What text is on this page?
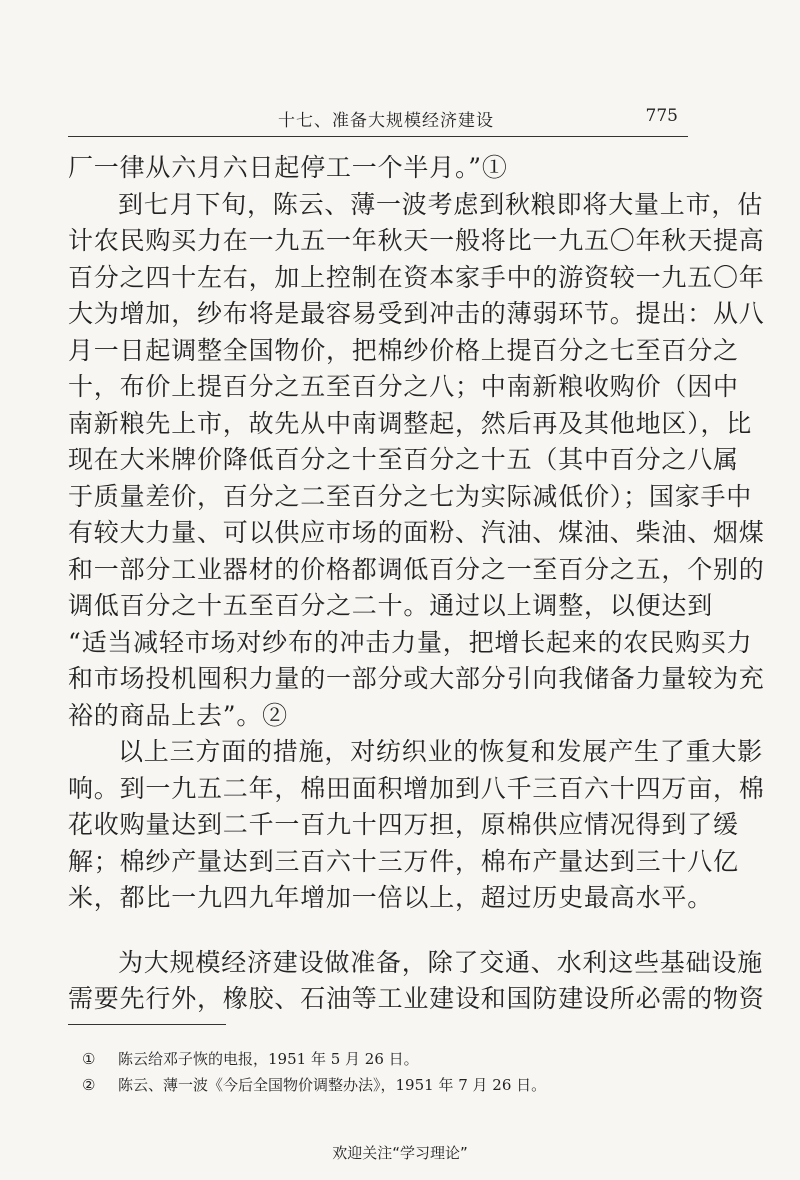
十七、准备大规模经济建设	775
厂一律从六月六日起停工一个半月。”①
到七月下旬，陈云、薄一波考虑到秋粮即将大量上市，估
计农民购买力在一九五一年秋天一般将比一九五〇年秋天提高
百分之四十左右，加上控制在资本家手中的游资较一九五〇年
大为增加，纱布将是最容易受到冲击的薄弱环节。提出：从八
月一日起调整全国物价，把棉纱价格上提百分之七至百分之
十，布价上提百分之五至百分之八；中南新粮收购价（因中
南新粮先上市，故先从中南调整起，然后再及其他地区），比
现在大米牌价降低百分之十至百分之十五（其中百分之八属
于质量差价，百分之二至百分之七为实际减低价）；国家手中
有较大力量、可以供应市场的面粉、汽油、煤油、柴油、烟煤
和一部分工业器材的价格都调低百分之一至百分之五，个别的
调低百分之十五至百分之二十。通过以上调整，以便达到
“适当减轻市场对纱布的冲击力量，把增长起来的农民购买力
和市场投机囤积力量的一部分或大部分引向我储备力量较为充
裕的商品上去”。②
以上三方面的措施，对纺织业的恢复和发展产生了重大影
响。到一九五二年，棉田面积增加到八千三百六十四万亩，棉
花收购量达到二千一百九十四万担，原棉供应情况得到了缓
解；棉纱产量达到三百六十三万件，棉布产量达到三十八亿
米，都比一九四九年增加一倍以上，超过历史最高水平。
为大规模经济建设做准备，除了交通、水利这些基础设施
需要先行外，橡胶、石油等工业建设和国防建设所必需的物资
① 陈云给邓子恢的电报，1951 年 5 月 26 日。
② 陈云、薄一波《今后全国物价调整办法》，1951 年 7 月 26 日。
欢迎关注“学习理论”
